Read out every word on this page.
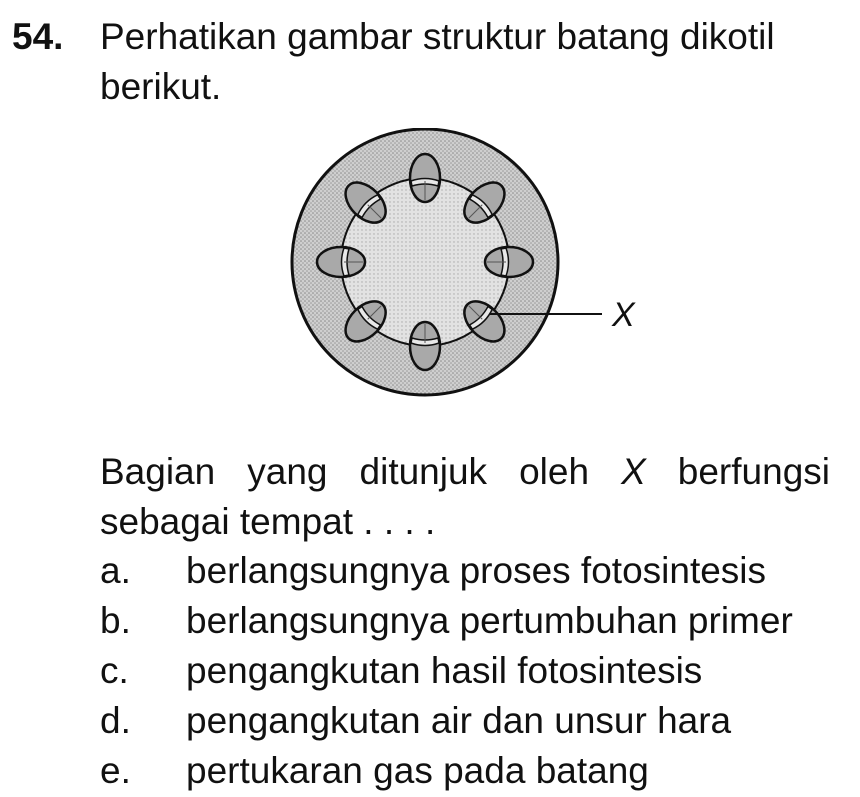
54. Perhatikan gambar struktur batang dikotil
berikut.
X
Bagian yang ditunjuk oleh X berfungsi
sebagai tempat . . . .
a.	berlangsungnya proses fotosintesis
b.	berlangsungnya pertumbuhan primer
c.	pengangkutan hasil fotosintesis
d.	pengangkutan air dan unsur hara
e.	pertukaran gas pada batang
